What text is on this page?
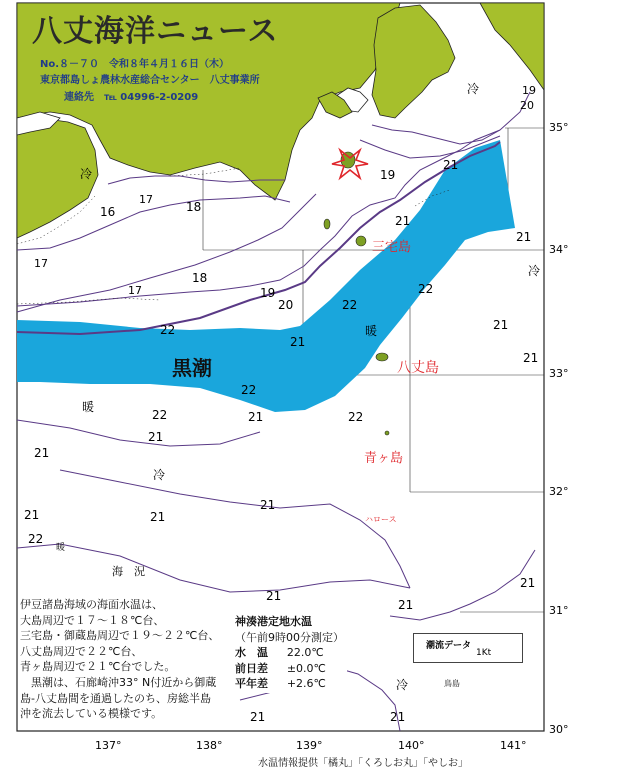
八丈海洋ニュース
No.８－７０　令和８年４月１６日（木）
東京都島しょ農林水産総合センター　八丈事業所
連絡先　℡ 04996-2-0209
137°	138°	139°	140°	141°
35°
34°
33°
32°
31°
30°
三宅島
八丈島
青ヶ島
ハロース
鳥島
黒潮
海　況
暖
暖
暖
冷
冷
冷
冷
冷
16
17
17
17
18
18
19
19
19
20
20
21
21
21
21
21
21
21
21
21
21
21
21
21
21
21
21	21
22
22
22
22
22	22
22
伊豆諸島海域の海面水温は、
大島周辺で１７～１８℃台、
三宅島・御蔵島周辺で１９～２２℃台、
八丈島周辺で２２℃台、
青ヶ島周辺で２１℃台でした。
　黒潮は、石廊崎沖33° N付近から御蔵
島-八丈島間を通過したのち、房総半島
沖を流去している模様です。
神湊港定地水温
（午前9時00分測定）
水　温 22.0℃
前日差 ±0.0℃
平年差 +2.6℃
潮流データ
1Kt
水温情報提供「橘丸」「くろしお丸」「やしお」
